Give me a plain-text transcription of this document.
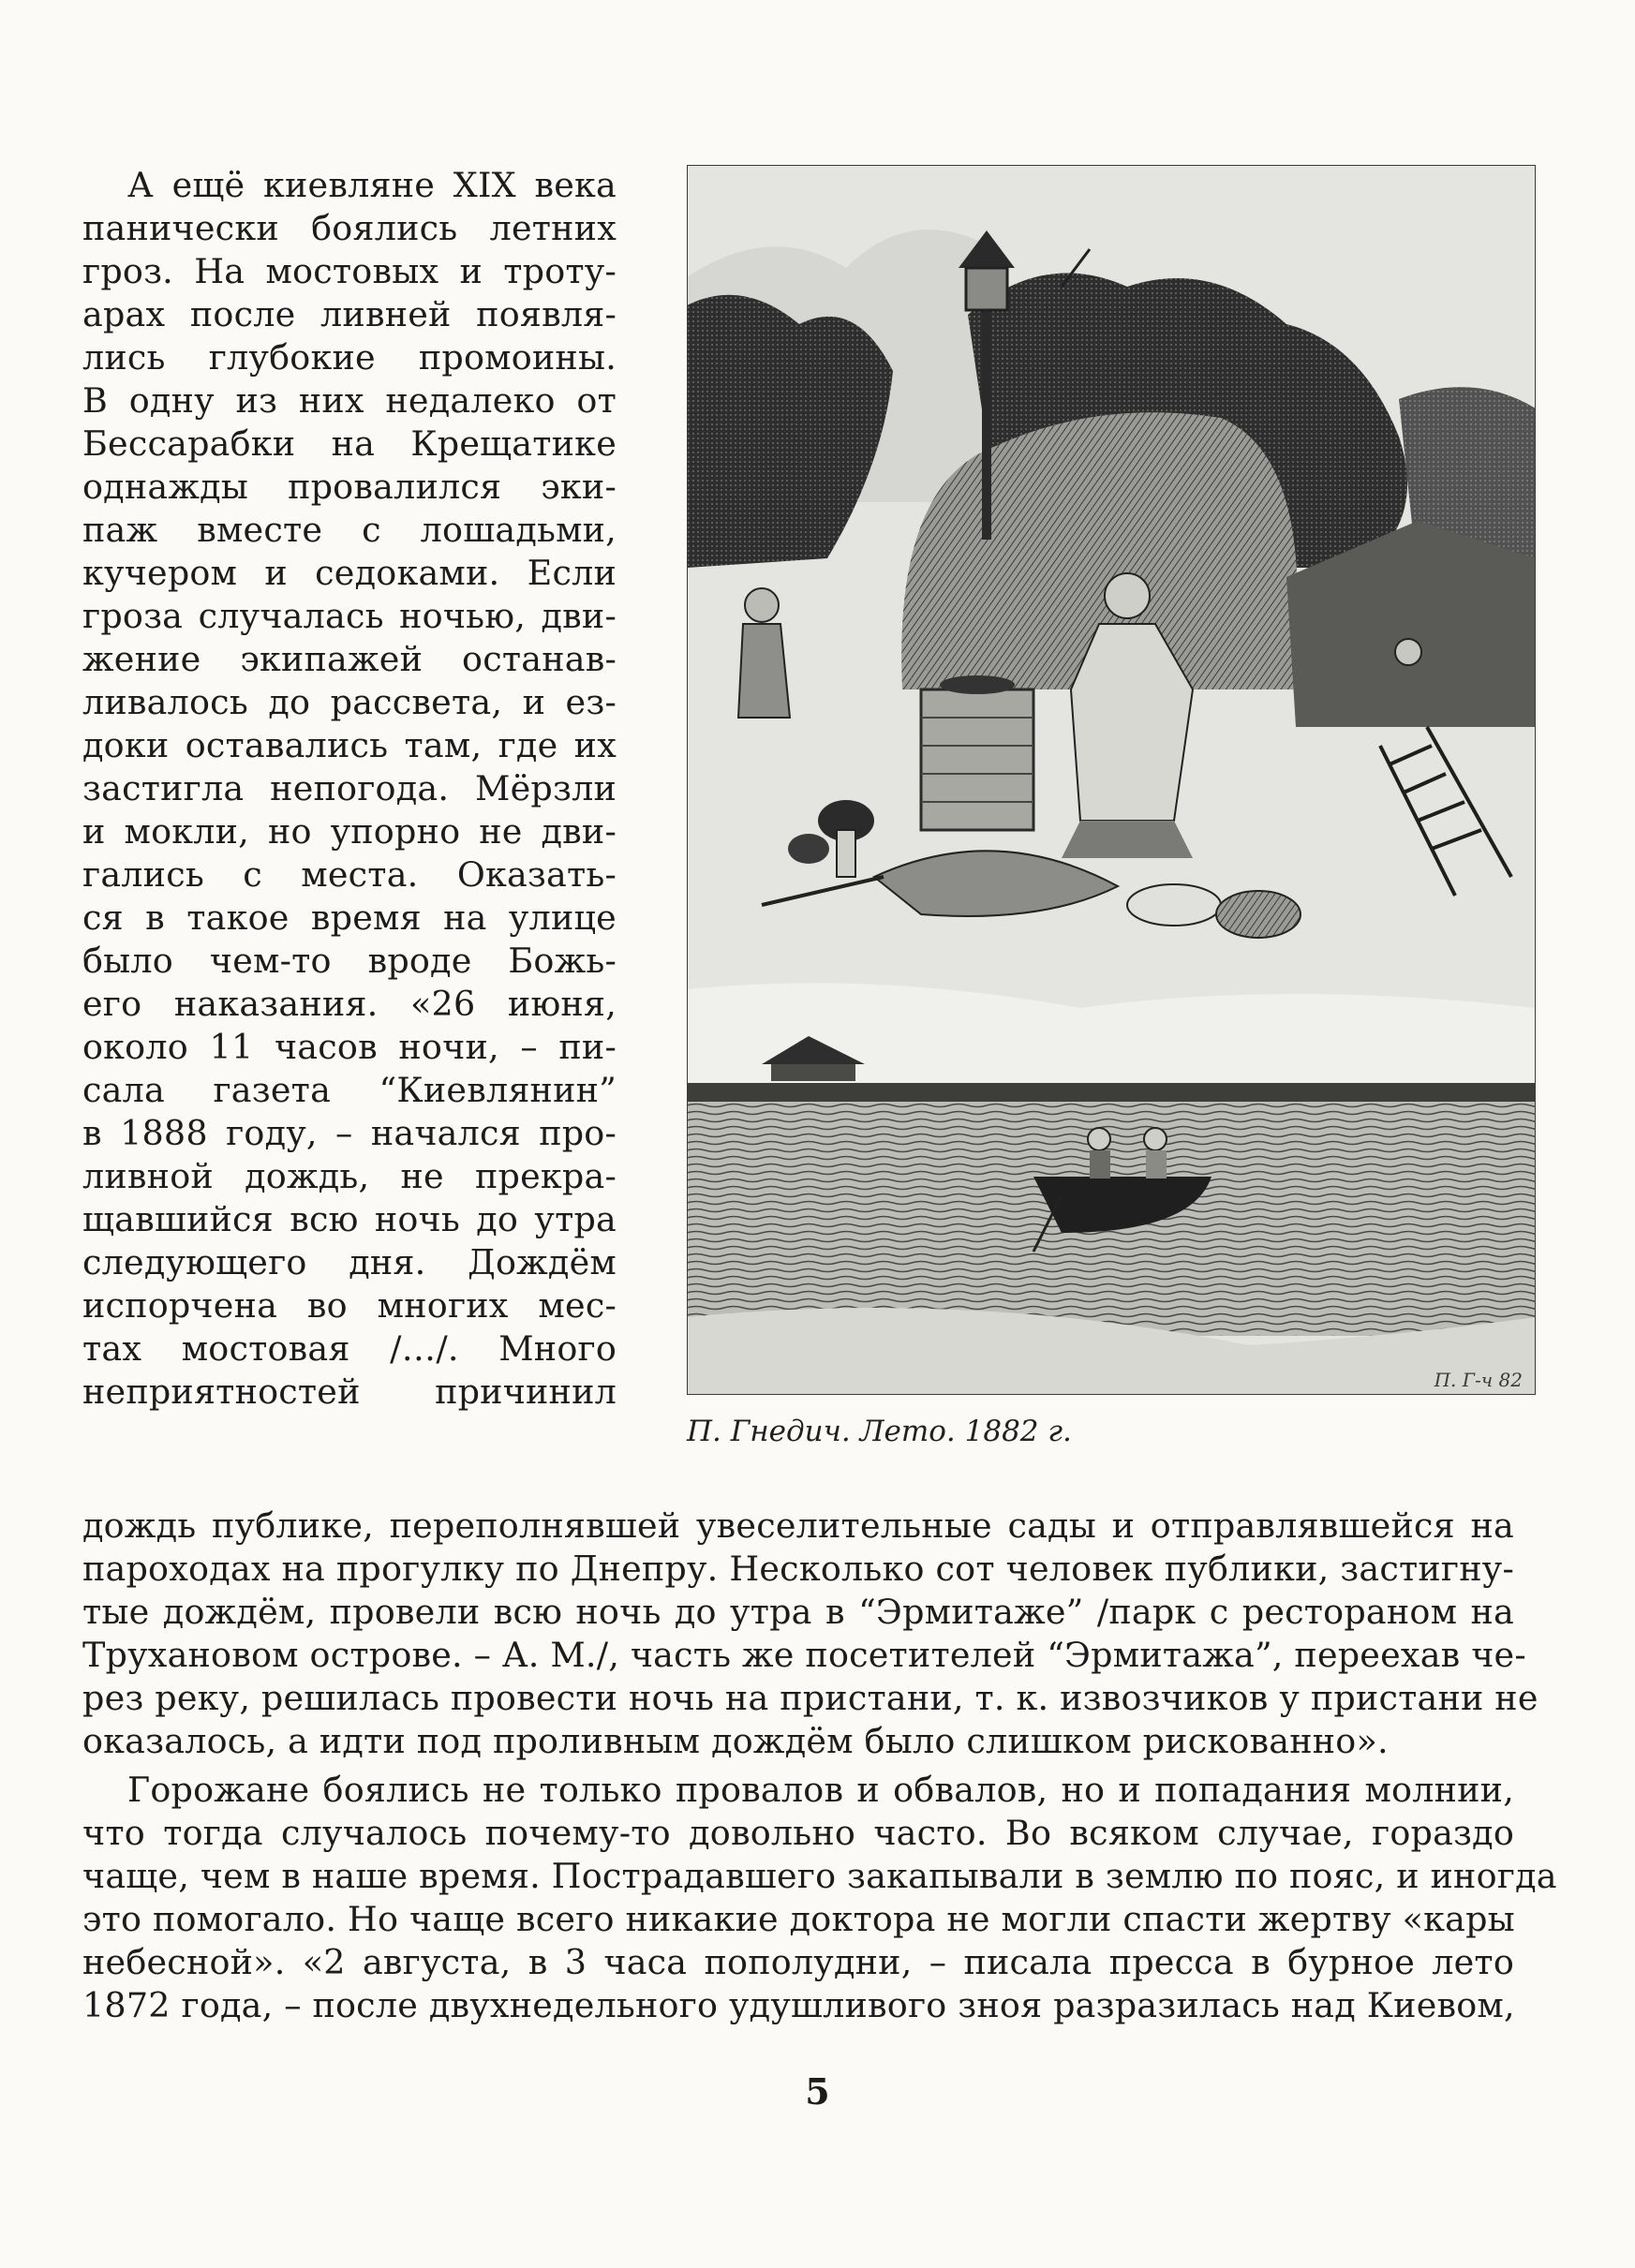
А ещё киевляне XIX века

панически боялись летних

гроз. На мостовых и троту-

арах после ливней появля-

лись глубокие промоины.

В одну из них недалеко от

Бессарабки на Крещатике

однажды провалился эки-

паж вместе с лошадьми,

кучером и седоками. Если

гроза случалась ночью, дви-

жение экипажей останав-

ливалось до рассвета, и ез-

доки оставались там, где их

застигла непогода. Мёрзли

и мокли, но упорно не дви-

гались с места. Оказать-

ся в такое время на улице

было чем-то вроде Божь-

его наказания. «26 июня,

около 11 часов ночи, – пи-

сала газета “Киевлянин”

в 1888 году, – начался про-

ливной дождь, не прекра-

щавшийся всю ночь до утра

следующего дня. Дождём

испорчена во многих мес-

тах мостовая /…/. Много

неприятностей причинил	П. Г-ч 82
П. Гнедич. Лето. 1882 г.

дождь публике, переполнявшей увеселительные сады и отправлявшейся на

пароходах на прогулку по Днепру. Несколько сот человек публики, застигну-

тые дождём, провели всю ночь до утра в “Эрмитаже” /парк с рестораном на

Трухановом острове. – А. М./, часть же посетителей “Эрмитажа”, переехав че-

рез реку, решилась провести ночь на пристани, т. к. извозчиков у пристани не

оказалось, а идти под проливным дождём было слишком рискованно».

Горожане боялись не только провалов и обвалов, но и попадания молнии,

что тогда случалось почему-то довольно часто. Во всяком случае, гораздо

чаще, чем в наше время. Пострадавшего закапывали в землю по пояс, и иногда

это помогало. Но чаще всего никакие доктора не могли спасти жертву «кары

небесной». «2 августа, в 3 часа пополудни, – писала пресса в бурное лето

1872 года, – после двухнедельного удушливого зноя разразилась над Киевом,

5
